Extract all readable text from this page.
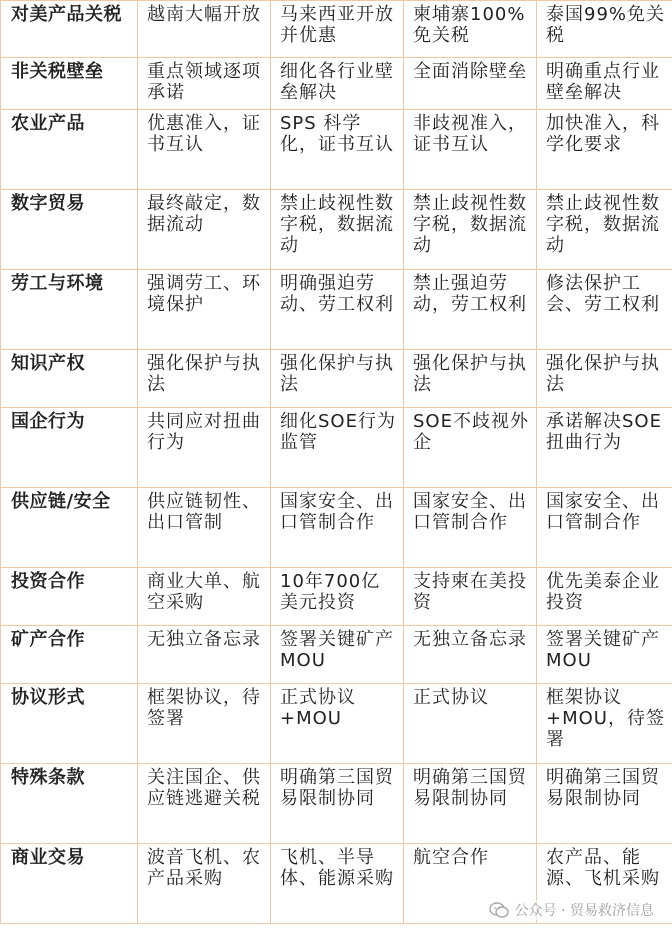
对美产品关税	越南大幅开放	马来西亚开放并优惠	柬埔寨100%免关税	泰国99%免关税
非关税壁垒	重点领域逐项承诺	细化各行业壁垒解决	全面消除壁垒	明确重点行业壁垒解决
农业产品	优惠准入，证书互认	SPS 科学化，证书互认	非歧视准入，证书互认	加快准入，科学化要求
数字贸易	最终敲定，数据流动	禁止歧视性数字税，数据流动	禁止歧视性数字税，数据流动	禁止歧视性数字税，数据流动
劳工与环境	强调劳工、环境保护	明确强迫劳动、劳工权利	禁止强迫劳动，劳工权利	修法保护工会、劳工权利
知识产权	强化保护与执法	强化保护与执法	强化保护与执法	强化保护与执法
国企行为	共同应对扭曲行为	细化SOE行为监管	SOE不歧视外企	承诺解决SOE扭曲行为
供应链/安全	供应链韧性、出口管制	国家安全、出口管制合作	国家安全、出口管制合作	国家安全、出口管制合作
投资合作	商业大单、航空采购	10年700亿美元投资	支持柬在美投资	优先美泰企业投资
矿产合作	无独立备忘录	签署关键矿产MOU	无独立备忘录	签署关键矿产MOU
协议形式	框架协议，待签署	正式协议+MOU	正式协议	框架协议+MOU，待签署
特殊条款	关注国企、供应链逃避关税	明确第三国贸易限制协同	明确第三国贸易限制协同	明确第三国贸易限制协同
商业交易	波音飞机、农产品采购	飞机、半导体、能源采购	航空合作	农产品、能源、飞机采购
公众号 · 贸易救济信息
